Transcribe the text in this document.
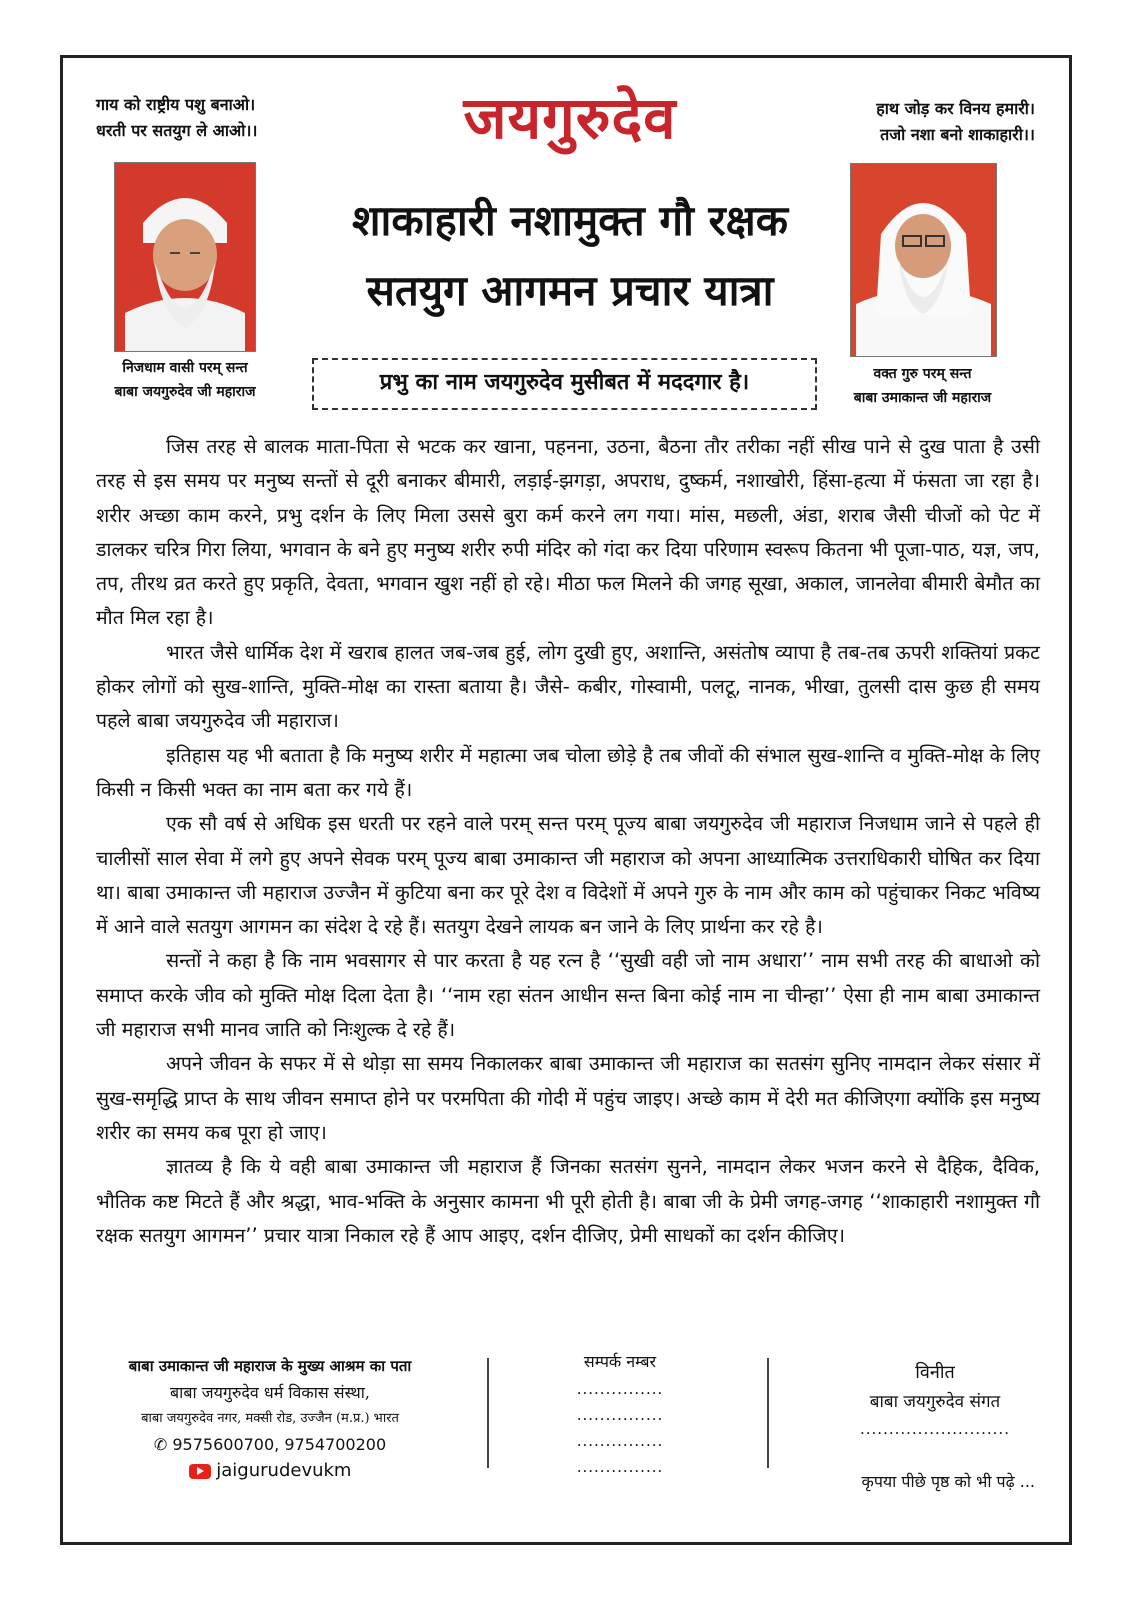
गाय को राष्ट्रीय पशु बनाओ।
धरती पर सतयुग ले आओ।।
हाथ जोड़ कर विनय हमारी।
तजो नशा बनो शाकाहारी।।
जयगुरुदेव
शाकाहारी नशामुक्त गौ रक्षक
सतयुग आगमन प्रचार यात्रा
निजधाम वासी परम् सन्त
बाबा जयगुरुदेव जी महाराज
वक्त गुरु परम् सन्त
बाबा उमाकान्त जी महाराज
प्रभु का नाम जयगुरुदेव मुसीबत में मददगार है।

जिस तरह से बालक माता-पिता से भटक कर खाना, पहनना, उठना, बैठना तौर तरीका नहीं सीख पाने से दुख पाता है उसी तरह से इस समय पर मनुष्य सन्तों से दूरी बनाकर बीमारी, लड़ाई-झगड़ा, अपराध, दुष्कर्म, नशाखोरी, हिंसा-हत्या में फंसता जा रहा है। शरीर अच्छा काम करने, प्रभु दर्शन के लिए मिला उससे बुरा कर्म करने लग गया। मांस, मछली, अंडा, शराब जैसी चीजों को पेट में डालकर चरित्र गिरा लिया, भगवान के बने हुए मनुष्य शरीर रुपी मंदिर को गंदा कर दिया परिणाम स्वरूप कितना भी पूजा-पाठ, यज्ञ, जप, तप, तीरथ व्रत करते हुए प्रकृति, देवता, भगवान खुश नहीं हो रहे। मीठा फल मिलने की जगह सूखा, अकाल, जानलेवा बीमारी बेमौत का मौत मिल रहा है।

भारत जैसे धार्मिक देश में खराब हालत जब-जब हुई, लोग दुखी हुए, अशान्ति, असंतोष व्यापा है तब-तब ऊपरी शक्तियां प्रकट होकर लोगों को सुख-शान्ति, मुक्ति-मोक्ष का रास्ता बताया है। जैसे- कबीर, गोस्वामी, पलटू, नानक, भीखा, तुलसी दास कुछ ही समय पहले बाबा जयगुरुदेव जी महाराज।

इतिहास यह भी बताता है कि मनुष्य शरीर में महात्मा जब चोला छोड़े है तब जीवों की संभाल सुख-शान्ति व मुक्ति-मोक्ष के लिए किसी न किसी भक्त का नाम बता कर गये हैं।

एक सौ वर्ष से अधिक इस धरती पर रहने वाले परम् सन्त परम् पूज्य बाबा जयगुरुदेव जी महाराज निजधाम जाने से पहले ही चालीसों साल सेवा में लगे हुए अपने सेवक परम् पूज्य बाबा उमाकान्त जी महाराज को अपना आध्यात्मिक उत्तराधिकारी घोषित कर दिया था। बाबा उमाकान्त जी महाराज उज्जैन में कुटिया बना कर पूरे देश व विदेशों में अपने गुरु के नाम और काम को पहुंचाकर निकट भविष्य में आने वाले सतयुग आगमन का संदेश दे रहे हैं। सतयुग देखने लायक बन जाने के लिए प्रार्थना कर रहे है।

सन्तों ने कहा है कि नाम भवसागर से पार करता है यह रत्न है ‘‘सुखी वही जो नाम अधारा’’ नाम सभी तरह की बाधाओ को समाप्त करके जीव को मुक्ति मोक्ष दिला देता है। ‘‘नाम रहा संतन आधीन सन्त बिना कोई नाम ना चीन्हा’’ ऐसा ही नाम बाबा उमाकान्त जी महाराज सभी मानव जाति को निःशुल्क दे रहे हैं।

अपने जीवन के सफर में से थोड़ा सा समय निकालकर बाबा उमाकान्त जी महाराज का सतसंग सुनिए नामदान लेकर संसार में सुख-समृद्धि प्राप्त के साथ जीवन समाप्त होने पर परमपिता की गोदी में पहुंच जाइए। अच्छे काम में देरी मत कीजिएगा क्योंकि इस मनुष्य शरीर का समय कब पूरा हो जाए।

ज्ञातव्य है कि ये वही बाबा उमाकान्त जी महाराज हैं जिनका सतसंग सुनने, नामदान लेकर भजन करने से दैहिक, दैविक, भौतिक कष्ट मिटते हैं और श्रद्धा, भाव-भक्ति के अनुसार कामना भी पूरी होती है। बाबा जी के प्रेमी जगह-जगह ‘‘शाकाहारी नशामुक्त गौ रक्षक सतयुग आगमन’’ प्रचार यात्रा निकाल रहे हैं आप आइए, दर्शन दीजिए, प्रेमी साधकों का दर्शन कीजिए।

बाबा उमाकान्त जी महाराज के मुख्य आश्रम का पता
बाबा जयगुरुदेव धर्म विकास संस्था,
बाबा जयगुरुदेव नगर, मक्सी रोड, उज्जैन (म.प्र.) भारत
✆ 9575600700, 9754700200
jaigurudevukm
सम्पर्क नम्बर
...............
...............
...............
...............
विनीत
बाबा जयगुरुदेव संगत
..........................
कृपया पीछे पृष्ठ को भी पढ़े ...
